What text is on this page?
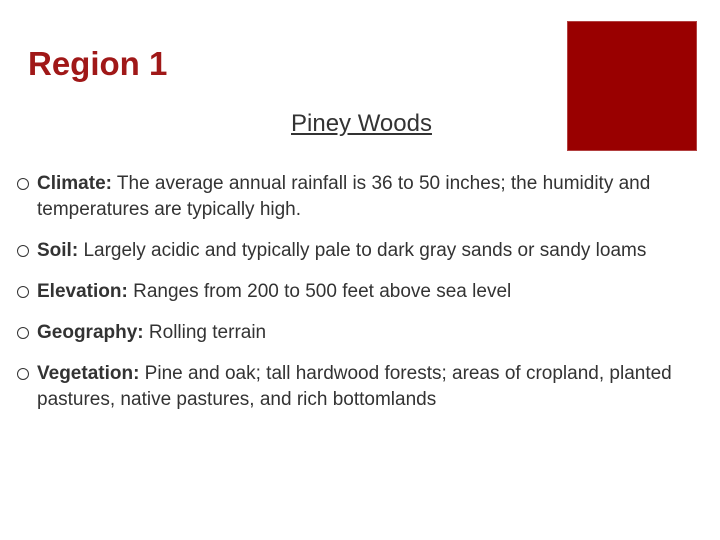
Region 1
Piney Woods
Climate: The average annual rainfall is 36 to 50 inches; the humidity and temperatures are typically high.
Soil: Largely acidic and typically pale to dark gray sands or sandy loams
Elevation: Ranges from 200 to 500 feet above sea level
Geography: Rolling terrain
Vegetation: Pine and oak; tall hardwood forests; areas of cropland, planted pastures, native pastures, and rich bottomlands
